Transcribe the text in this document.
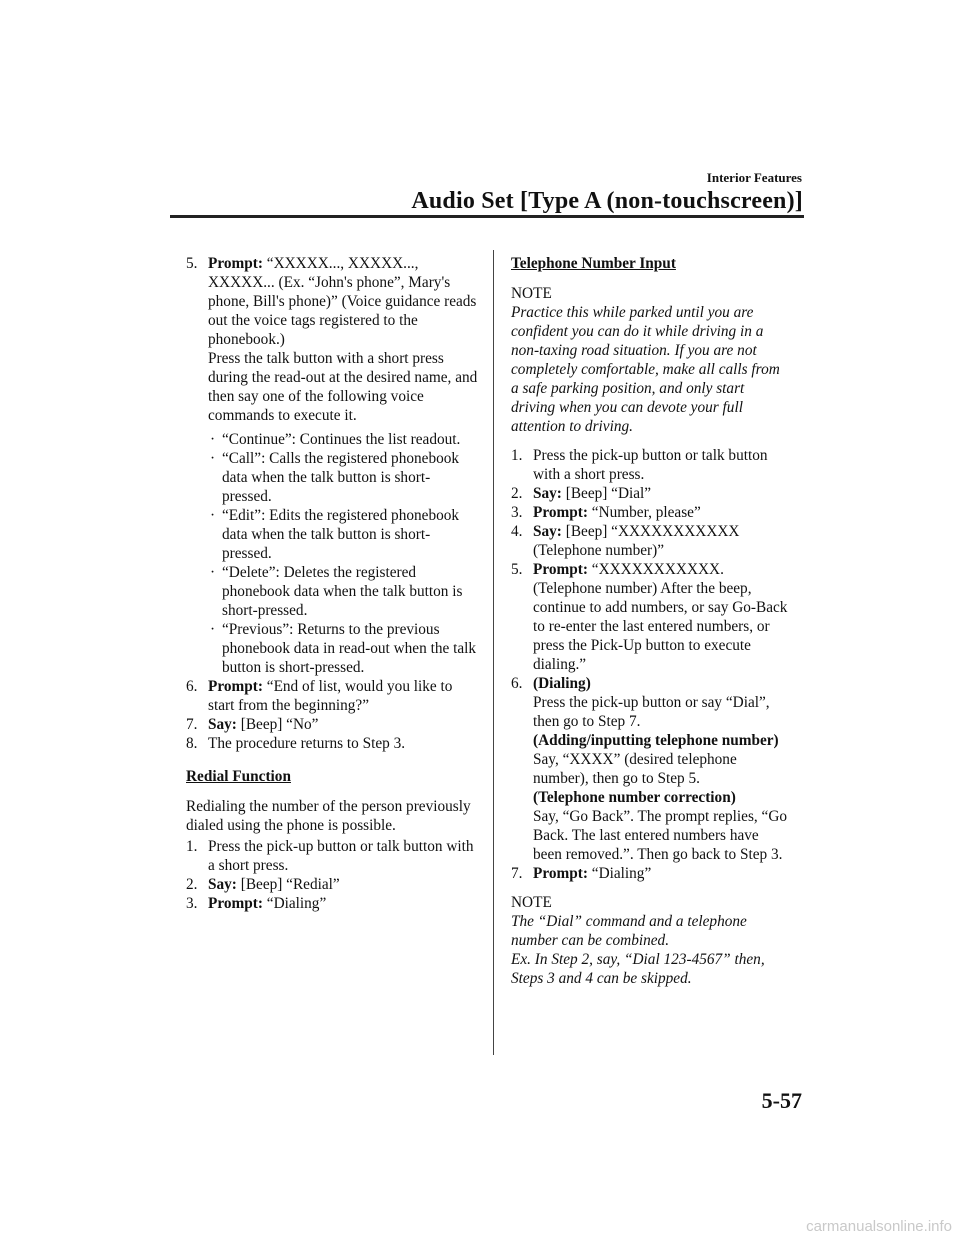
Interior Features
Audio Set [Type A (non-touchscreen)]
5. Prompt: “XXXXX..., XXXXX..., XXXXX... (Ex. “John's phone”, Mary's phone, Bill's phone)” (Voice guidance reads out the voice tags registered to the phonebook.)
Press the talk button with a short press during the read-out at the desired name, and then say one of the following voice commands to execute it.
· “Continue”: Continues the list readout.
· “Call”: Calls the registered phonebook data when the talk button is short-pressed.
· “Edit”: Edits the registered phonebook data when the talk button is short-pressed.
· “Delete”: Deletes the registered phonebook data when the talk button is short-pressed.
· “Previous”: Returns to the previous phonebook data in read-out when the talk button is short-pressed.
6. Prompt: “End of list, would you like to start from the beginning?”
7. Say: [Beep] “No”
8. The procedure returns to Step 3.
Redial Function
Redialing the number of the person previously dialed using the phone is possible.
1. Press the pick-up button or talk button with a short press.
2. Say: [Beep] “Redial”
3. Prompt: “Dialing”
Telephone Number Input
NOTE
Practice this while parked until you are confident you can do it while driving in a non-taxing road situation. If you are not completely comfortable, make all calls from a safe parking position, and only start driving when you can devote your full attention to driving.
1. Press the pick-up button or talk button with a short press.
2. Say: [Beep] “Dial”
3. Prompt: “Number, please”
4. Say: [Beep] “XXXXXXXXXXX (Telephone number)”
5. Prompt: “XXXXXXXXXXX. (Telephone number) After the beep, continue to add numbers, or say Go-Back to re-enter the last entered numbers, or press the Pick-Up button to execute dialing.”
6. (Dialing)
Press the pick-up button or say “Dial”, then go to Step 7.
(Adding/inputting telephone number)
Say, “XXXX” (desired telephone number), then go to Step 5.
(Telephone number correction)
Say, “Go Back”. The prompt replies, “Go Back. The last entered numbers have been removed.”. Then go back to Step 3.
7. Prompt: “Dialing”
NOTE
The “Dial” command and a telephone number can be combined.
Ex. In Step 2, say, “Dial 123-4567” then, Steps 3 and 4 can be skipped.
5-57
carmanualsonline.info
